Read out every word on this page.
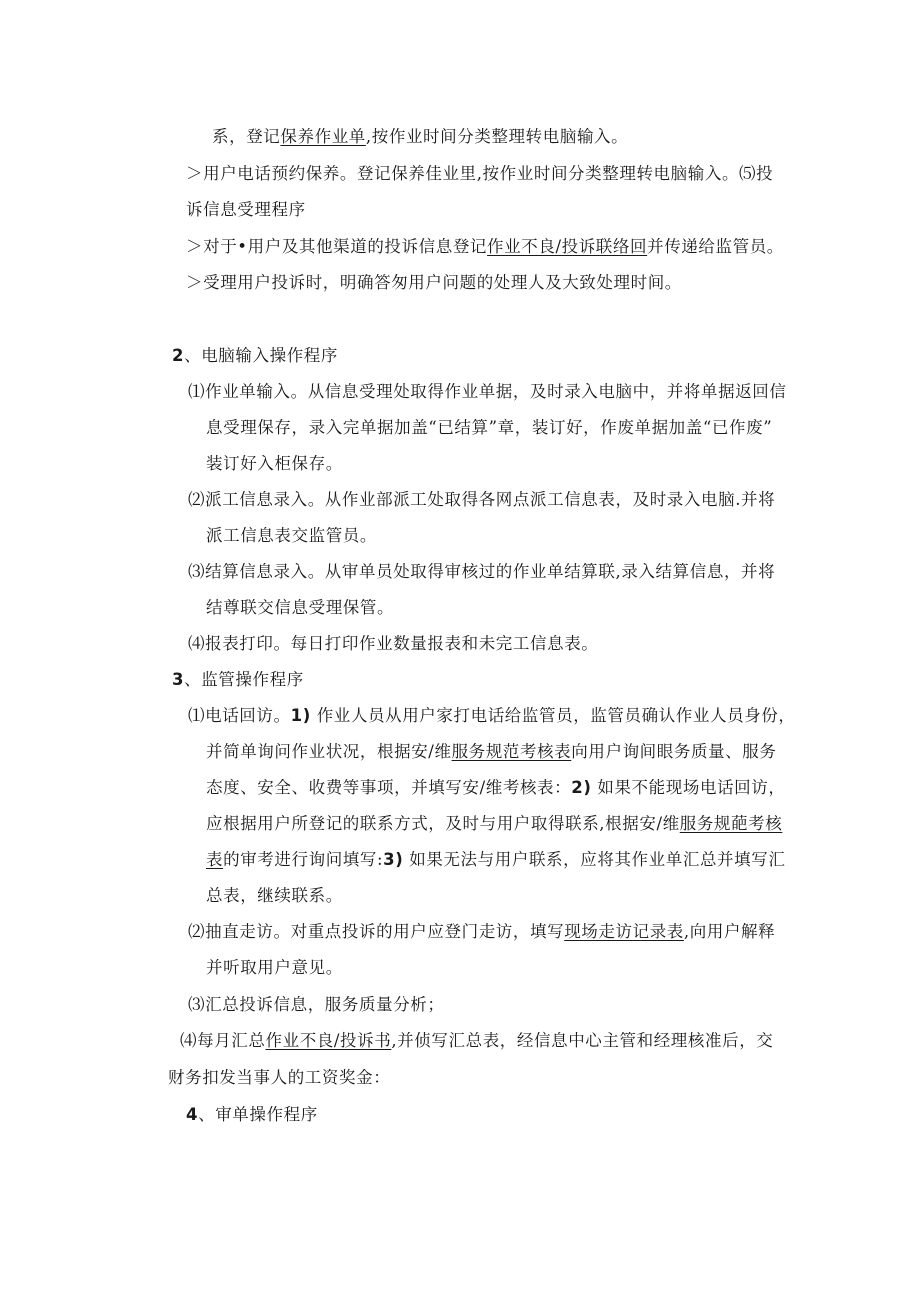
系，登记保养作业单,按作业时间分类整理转电脑输入。
＞用户电话预约保养。登记保养佳业里,按作业时间分类整理转电脑输入。⑸投
诉信息受理程序
＞对于•用户及其他渠道的投诉信息登记作业不良/投诉联络回并传递给监管员。
＞受理用户投诉时，明确答匆用户问题的处理人及大致处理时间。
2、电脑输入操作程序
⑴作业单输入。从信息受理处取得作业单据，及时录入电脑中，并将单据返回信
息受理保存，录入完单据加盖“已结算”章，装订好，作废单据加盖“已作废”
装订好入柜保存。
⑵派工信息录入。从作业部派工处取得各网点派工信息表，及时录入电脑.并将
派工信息表交监管员。
⑶结算信息录入。从审单员处取得审核过的作业单结算联,录入结算信息，并将
结尊联交信息受理保管。
⑷报表打印。每日打印作业数量报表和未完工信息表。
3、监管操作程序
⑴电话回访。1) 作业人员从用户家打电话给监管员，监管员确认作业人员身份，
并简单询问作业状况，根据安/维服务规范考核表向用户询间眼务质量、服务
态度、安全、收费等事项，并填写安/维考核表：2) 如果不能现场电话回访，
应根据用户所登记的联系方式，及时与用户取得联系,根据安/维服务规葩考核
表的审考进行询问填写:3) 如果无法与用户联系，应将其作业单汇总并填写汇
总表，继续联系。
⑵抽直走访。对重点投诉的用户应登门走访，填写现场走访记录表,向用户解释
并听取用户意见。
⑶汇总投诉信息，服务质量分析；
⑷每月汇总作业不良/投诉书,并侦写汇总表，经信息中心主管和经理核准后，交
财务扣发当事人的工资奖金：
4、审单操作程序
